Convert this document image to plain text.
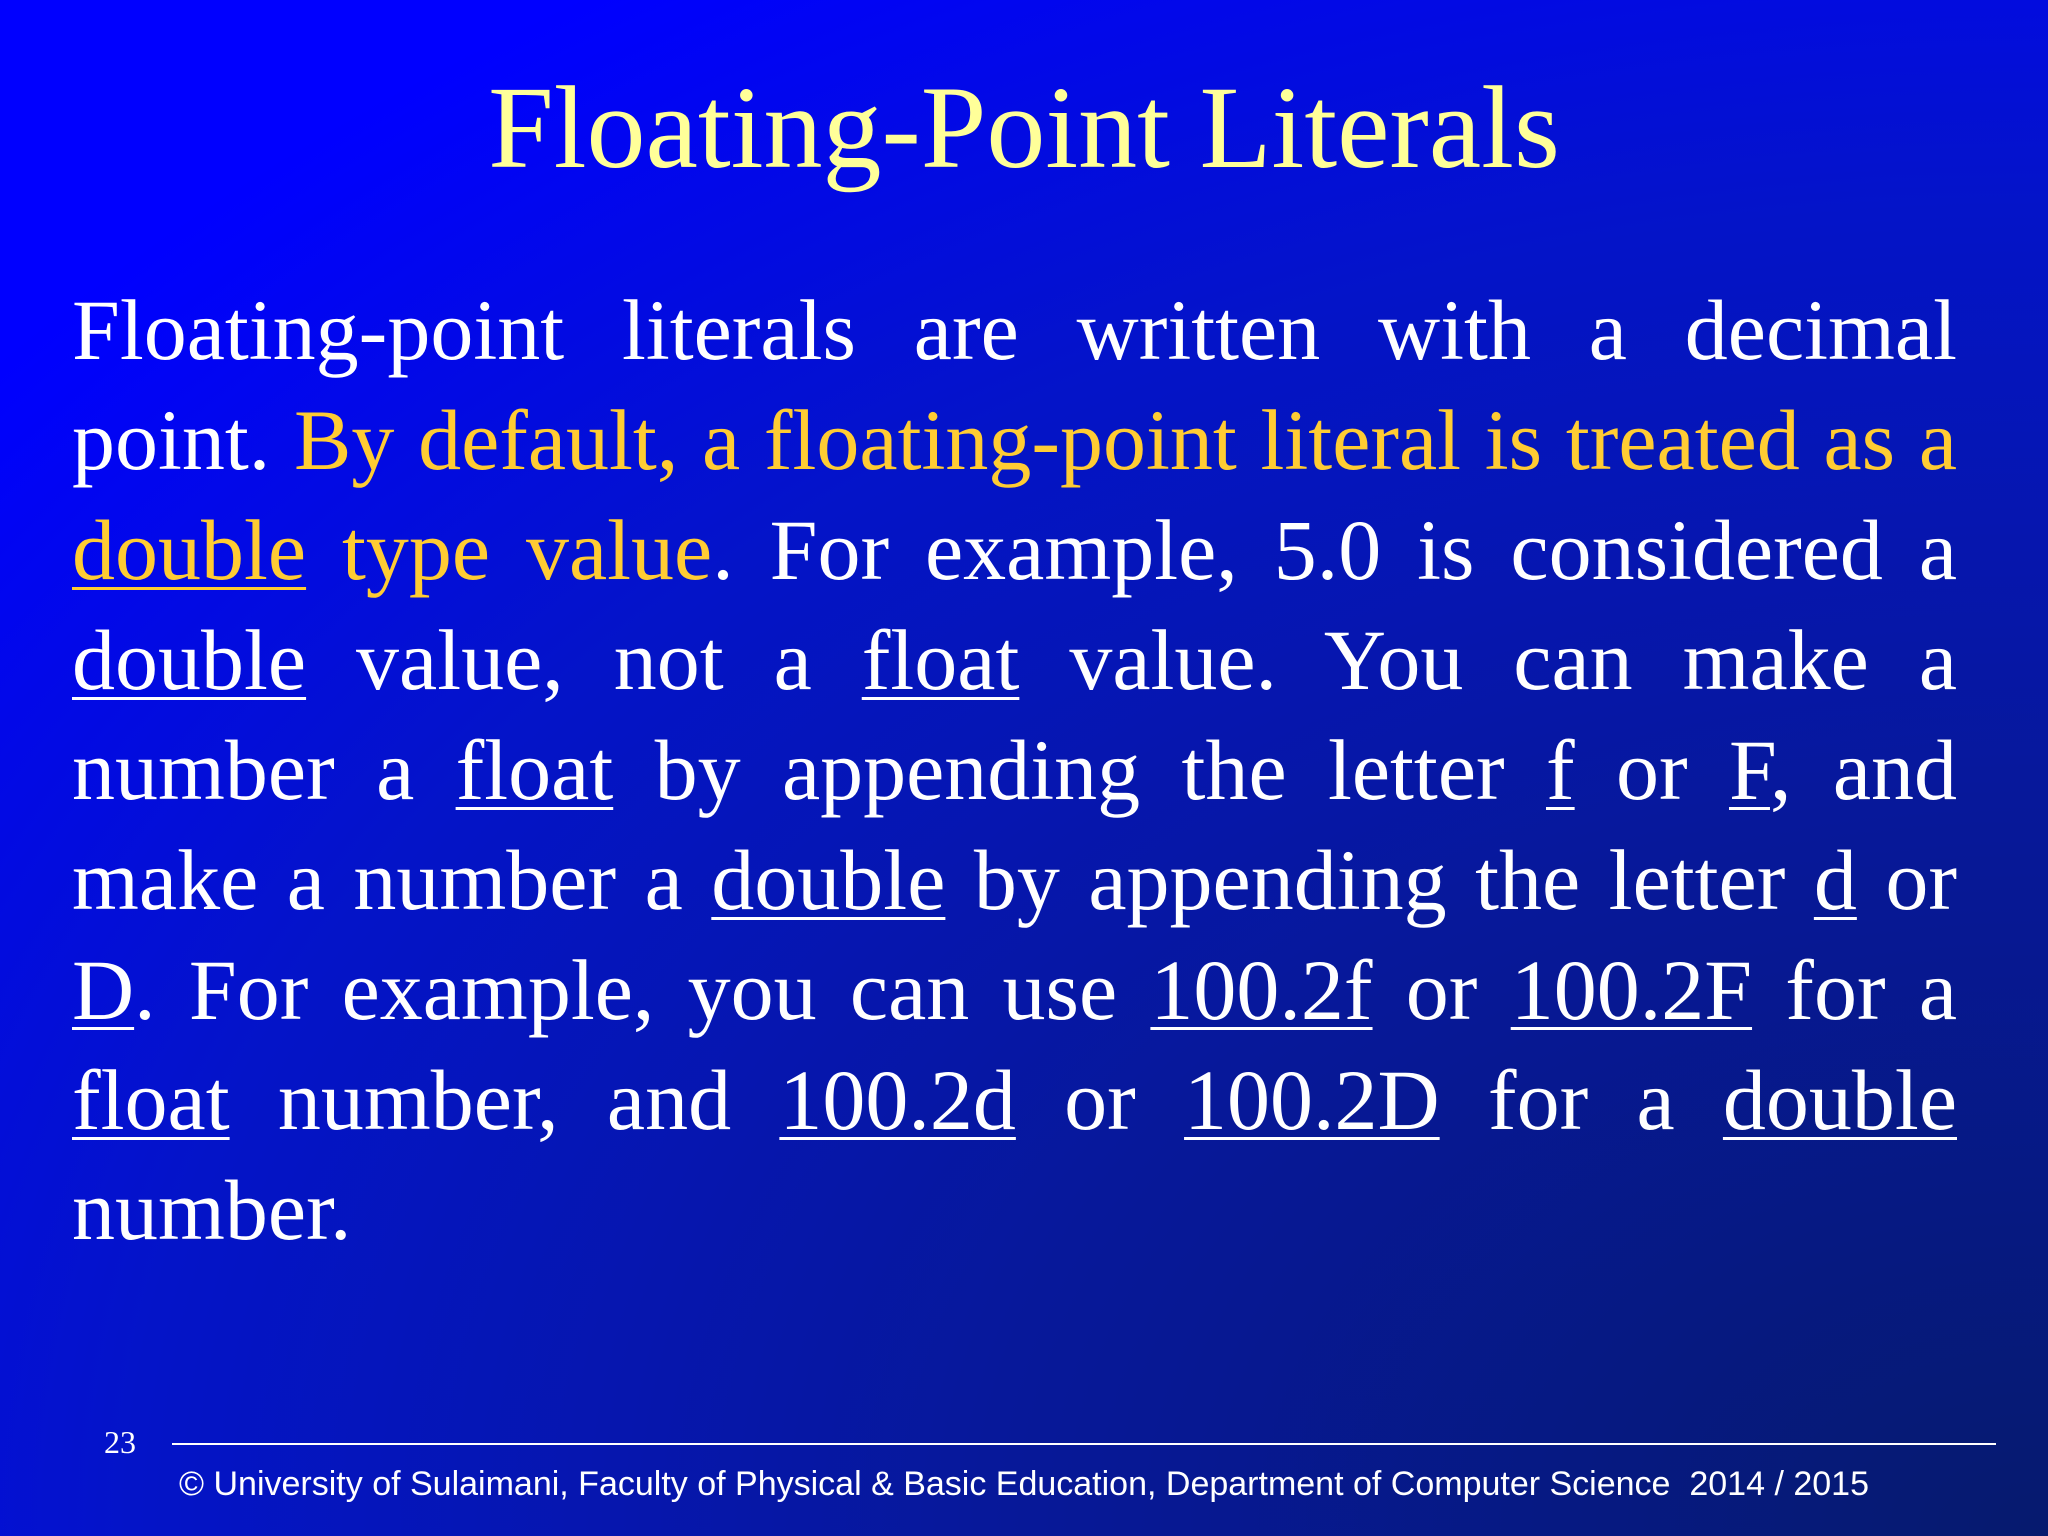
Floating-Point Literals
Floating-point literals are written with a decimal point. By default, a floating-point literal is treated as a double type value. For example, 5.0 is considered a double value, not a float value. You can make a number a float by appending the letter f or F, and make a number a double by appending the letter d or D. For example, you can use 100.2f or 100.2F for a float number, and 100.2d or 100.2D for a double number.
23
© University of Sulaimani, Faculty of Physical & Basic Education, Department of Computer Science  2014 / 2015
